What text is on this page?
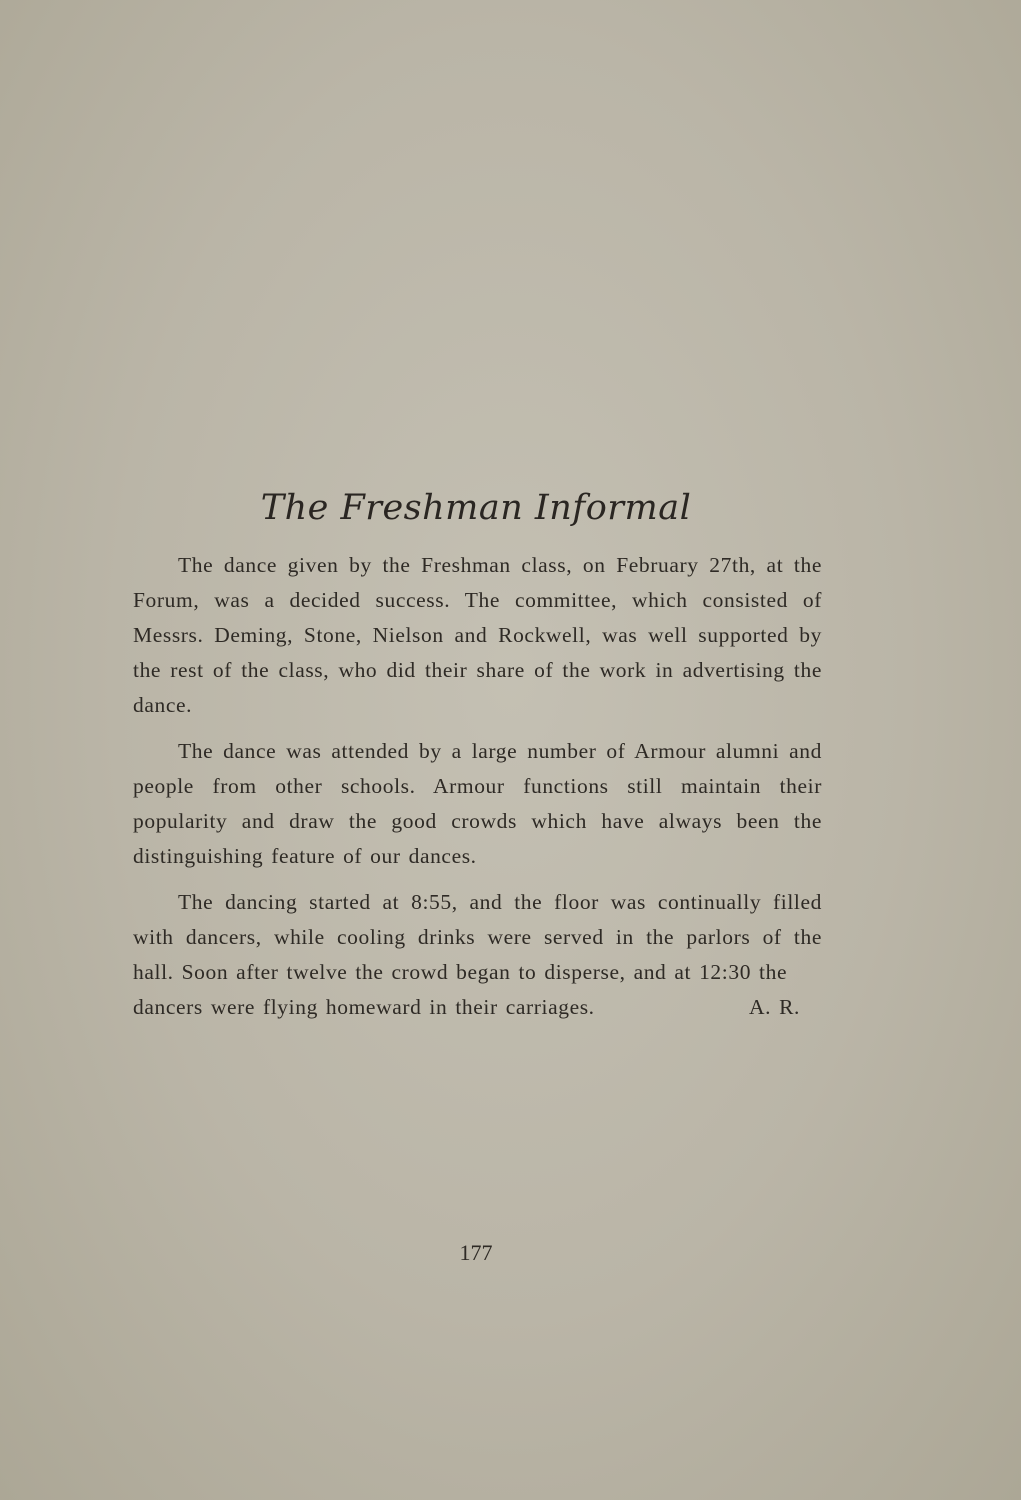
The Freshman Informal

The dance given by the Freshman class, on February 27th, at the Forum, was a decided success. The committee, which consisted of Messrs. Deming, Stone, Nielson and Rockwell, was well supported by the rest of the class, who did their share of the work in advertising the dance.

The dance was attended by a large number of Armour alumni and people from other schools. Armour functions still maintain their popularity and draw the good crowds which have always been the distinguishing feature of our dances.

The dancing started at 8:55, and the floor was continually filled with dancers, while cooling drinks were served in the parlors of the hall. Soon after twelve the crowd began to disperse, and at 12:30 the

dancers were flying homeward in their carriages.	A. R.
177
